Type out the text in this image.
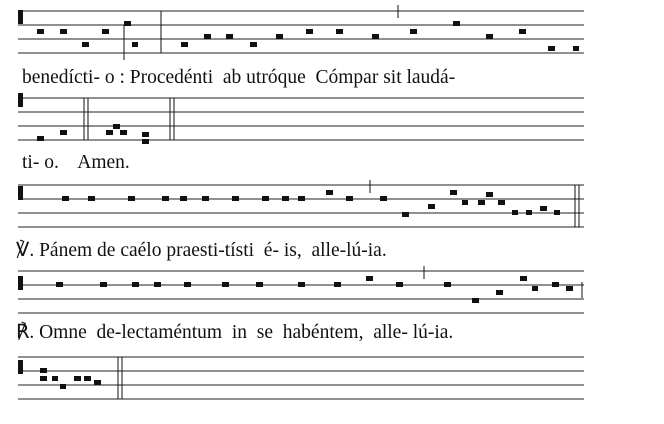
benedícti- o : Procedénti  ab utróque  Cómpar sit laudá-
ti- o.    Amen.
℣. Pánem de caélo praesti-tísti  é- is,  alle-lú-ia.
℟. Omne  de-lectaméntum  in  se  habéntem,  alle- lú-ia.
